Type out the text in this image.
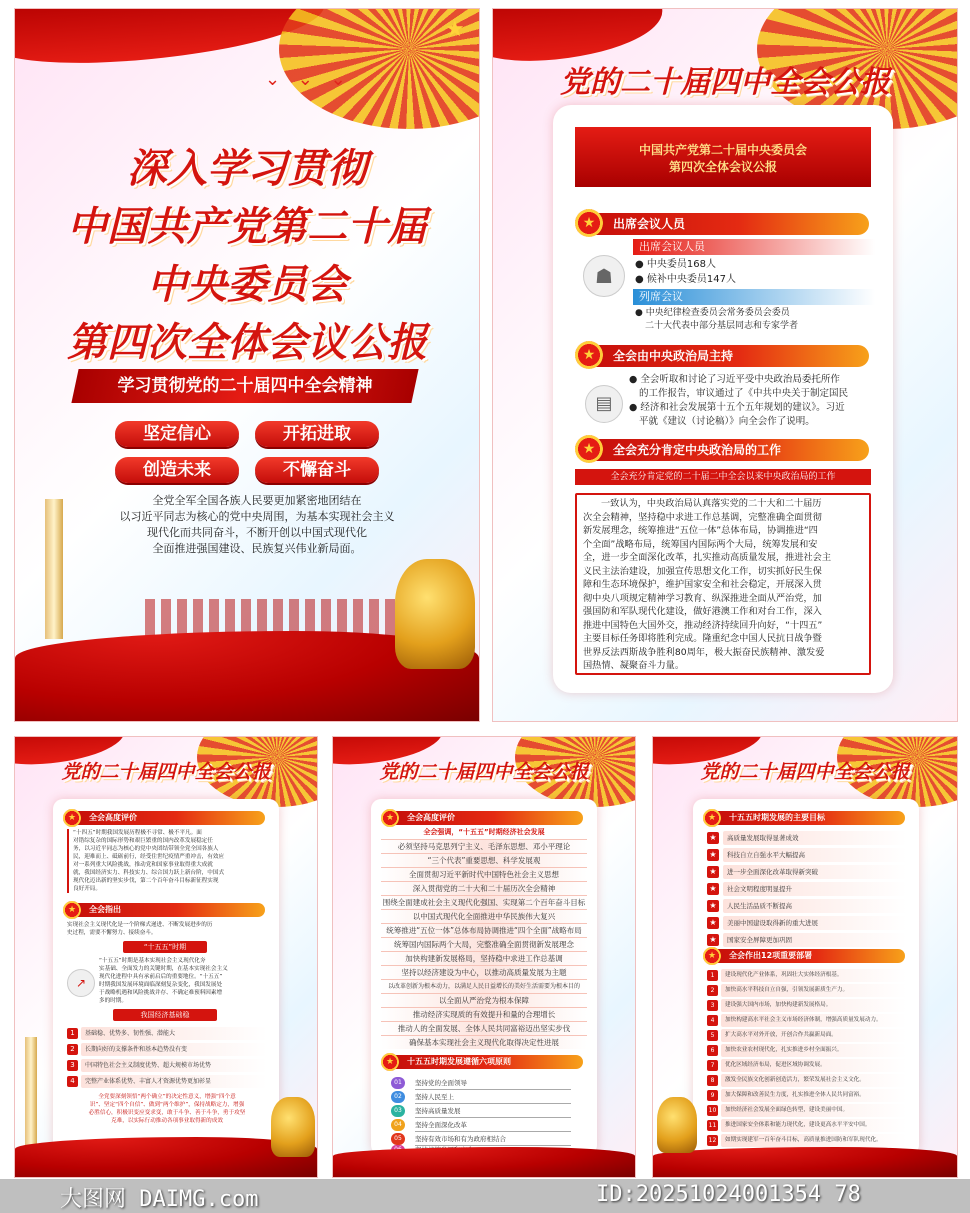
★
⌄ ⌄ ⌄
深入学习贯彻
中国共产党第二十届
中央委员会
第四次全体会议公报
学习贯彻党的二十届四中全会精神
坚定信心	开拓进取
创造未来	不懈奋斗
全党全军全国各族人民要更加紧密地团结在
以习近平同志为核心的党中央周围，为基本实现社会主义
现代化而共同奋斗，不断开创以中国式现代化
全面推进强国建设、民族复兴伟业新局面。
党的二十届四中全会公报
中国共产党第二十届中央委员会
第四次全体会议公报
★	出席会议人员
☗
出席会议人员
● 中央委员168人
● 候补中央委员147人
列席会议
● 中央纪律检查委员会常务委员会委员
二十大代表中部分基层同志和专家学者
★	全会由中央政治局主持
▤
● 全会听取和讨论了习近平受中央政治局委托所作
的工作报告，审议通过了《中共中央关于制定国民
● 经济和社会发展第十五个五年规划的建议》。习近
平就《建议（讨论稿）》向全会作了说明。
★	全会充分肯定中央政治局的工作
全会充分肯定党的二十届二中全会以来中央政治局的工作
一致认为，中央政治局认真落实党的二十大和二十届历
次全会精神，坚持稳中求进工作总基调，完整准确全面贯彻
新发展理念，统筹推进“五位一体”总体布局，协调推进“四
个全面”战略布局，统筹国内国际两个大局，统筹发展和安
全，进一步全面深化改革，扎实推动高质量发展，推进社会主
义民主法治建设，加强宣传思想文化工作，切实抓好民生保
障和生态环境保护，维护国家安全和社会稳定，开展深入贯
彻中央八项规定精神学习教育、纵深推进全面从严治党，加
强国防和军队现代化建设，做好港澳工作和对台工作，深入
推进中国特色大国外交，推动经济持续回升向好，“十四五”
主要目标任务即将胜利完成。隆重纪念中国人民抗日战争暨
世界反法西斯战争胜利80周年，极大振奋民族精神、激发爱
国热情、凝聚奋斗力量。
党的二十届四中全会公报
★	全会高度评价
“十四五”时期我国发展历程极不寻常、极不平凡。面
对错综复杂的国际形势和艰巨繁重的国内改革发展稳定任
务，以习近平同志为核心的党中央团结带领全党全国各族人
民，迎难而上、砥砺前行，经受住世纪疫情严重冲击，有效应
对一系列重大风险挑战，推动党和国家事业取得重大成就
就，我国经济实力、科技实力、综合国力跃上新台阶，中国式
现代化迈出新的坚实步伐，第二个百年奋斗目标新征程实现
良好开局。
★	全会指出
实现社会主义现代化是一个阶梯式递进、不断发展进步的历
史过程，需要不懈努力、接续奋斗。
“十五五”时期
↗
“十五五”时期是基本实现社会主义现代化夯
实基础、全面发力的关键时期，在基本实现社会主义
现代化进程中具有承前启后的重要地位。“十五五”
时期我国发展环境面临深刻复杂变化，我国发展处
于战略机遇和风险挑战并存、不确定难预料因素增
多的时期。
我国经济基础稳
1	基础稳、优势多、韧性强、潜能大
2	长期向好的支撑条件和基本趋势没有变
3	中国特色社会主义制度优势、超大规模市场优势
4	完整产业体系优势、丰富人才资源优势更加彰显
全党要深刻领悟“两个确立”的决定性意义，增强“四个意
识”、坚定“四个自信”、做到“两个维护”，保持战略定力，增强
必胜信心，积极识变应变求变，敢于斗争、善于斗争，勇于攻坚
克难，以实际行动推动各项事业取得新的成效
党的二十届四中全会公报
★	全会高度评价
全会强调，“十五五”时期经济社会发展
必须坚持马克思列宁主义、毛泽东思想、邓小平理论
“三个代表”重要思想、科学发展观
全面贯彻习近平新时代中国特色社会主义思想
深入贯彻党的二十大和二十届历次全会精神
围绕全面建成社会主义现代化强国、实现第二个百年奋斗目标
以中国式现代化全面推进中华民族伟大复兴
统筹推进“五位一体”总体布局协调推进“四个全面”战略布局
统筹国内国际两个大局，完整准确全面贯彻新发展理念
加快构建新发展格局，坚持稳中求进工作总基调
坚持以经济建设为中心，以推动高质量发展为主题
以改革创新为根本动力，以满足人民日益增长的美好生活需要为根本目的
以全面从严治党为根本保障
推动经济实现质的有效提升和量的合理增长
推动人的全面发展、全体人民共同富裕迈出坚实步伐
确保基本实现社会主义现代化取得决定性进展
★	十五五时期发展遵循六项原则
01	坚持党的全面领导
02	坚持人民至上
03	坚持高质量发展
04	坚持全面深化改革
05	坚持有效市场和有为政府相结合
党的二十届四中全会公报
★	十五五时期发展的主要目标
★	高质量发展取得显著成效
★	科技自立自强水平大幅提高
★	进一步全面深化改革取得新突破
★	社会文明程度明显提升
★	人民生活品质不断提高
★	美丽中国建设取得新的重大进展
★	国家安全屏障更加巩固
★	全会作出12项重要部署
1	建设现代化产业体系，巩固壮大实体经济根基。
2	加快高水平科技自立自强，引领发展新质生产力。
3	建设强大国内市场，加快构建新发展格局。
4	加快构建高水平社会主义市场经济体制，增强高质量发展动力。
5	扩大高水平对外开放，开创合作共赢新局面。
6	加快农业农村现代化，扎实推进乡村全面振兴。
7	优化区域经济布局，促进区域协调发展。
8	激发全民族文化创新创造活力，繁荣发展社会主义文化。
9	加大保障和改善民生力度，扎实推进全体人民共同富裕。
10	加快经济社会发展全面绿色转型，建设美丽中国。
11	推进国家安全体系和能力现代化，建设更高水平平安中国。
12	如期实现建军一百年奋斗目标，高质量推进国防和军队现代化。
大图网 DAIMG.com	ID:20251024001354 78
